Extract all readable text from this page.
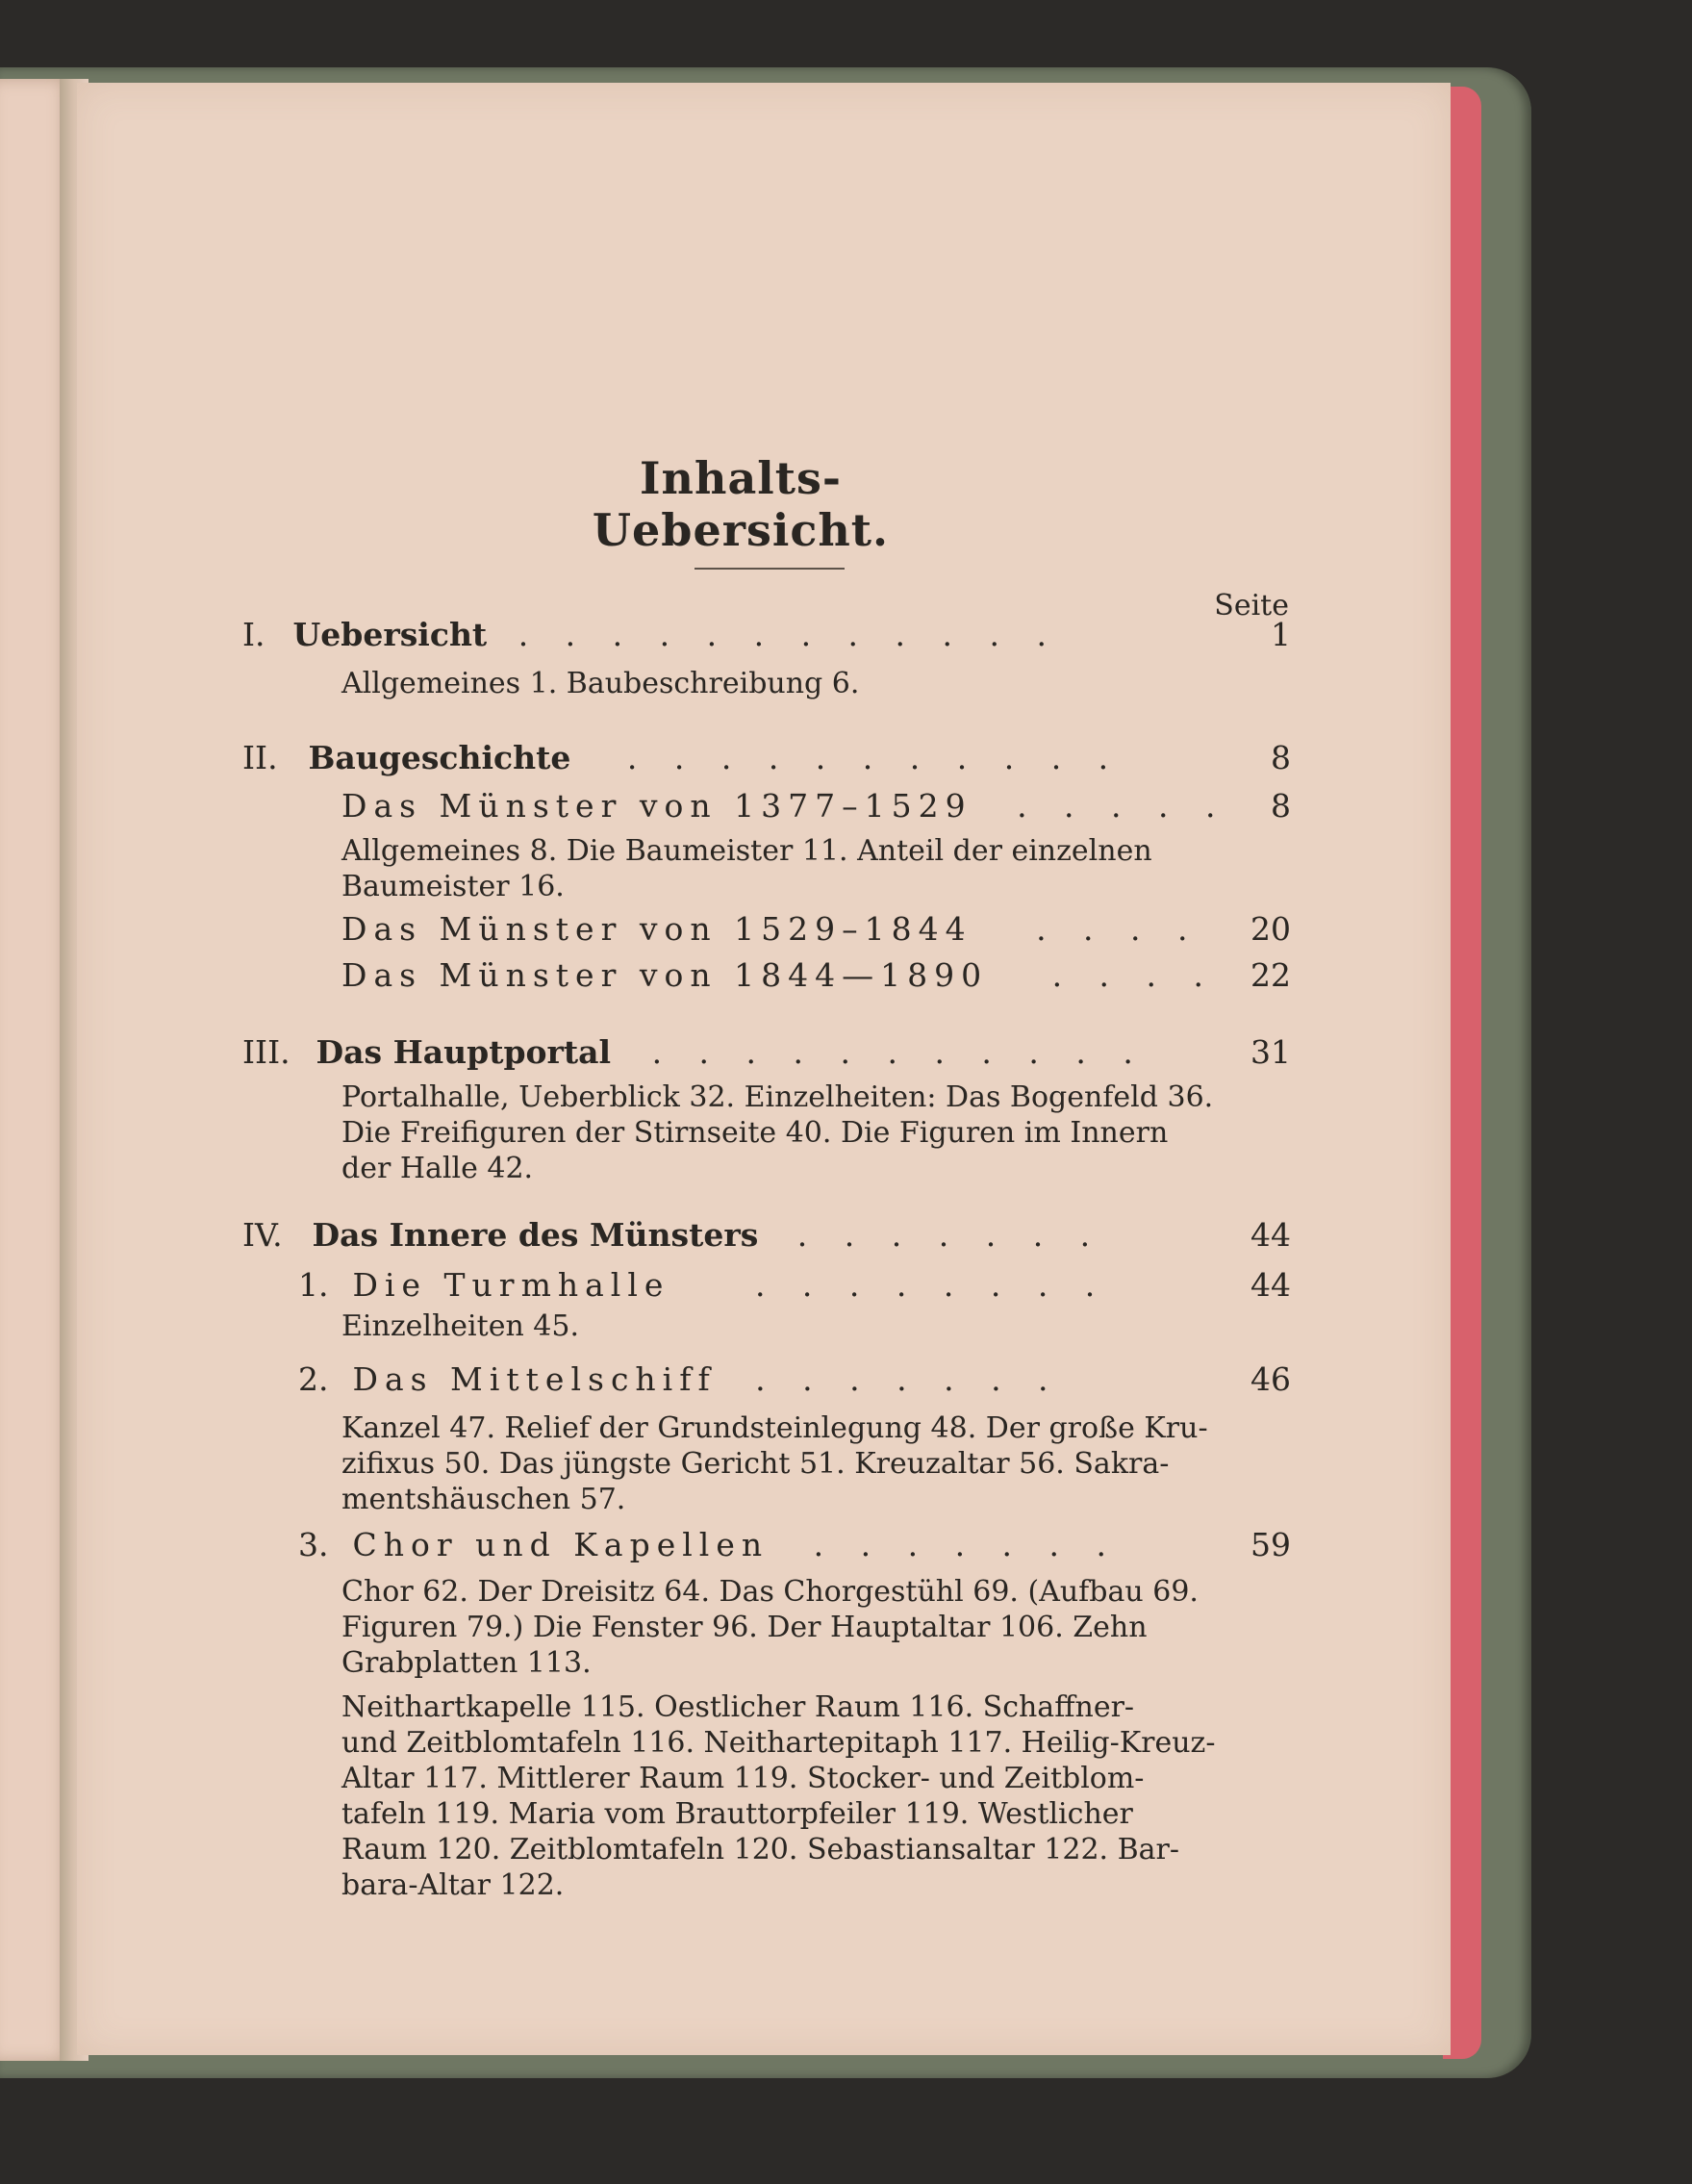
Inhalts-Uebersicht.
Seite
I. Uebersicht . . . . . . . . . . . .	1
Allgemeines 1. Baubeschreibung 6.
II. Baugeschichte . . . . . . . . . . .	8
Das Münster von 1377–1529 . . . . .	8
Allgemeines 8. Die Baumeister 11. Anteil der einzelnen
Baumeister 16.
Das Münster von 1529–1844 . . . .	20
Das Münster von 1844—1890 . . . .	22
III. Das Hauptportal . . . . . . . . . . .	31
Portalhalle, Ueberblick 32. Einzelheiten: Das Bogenfeld 36.
Die Freifiguren der Stirnseite 40. Die Figuren im Innern
der Halle 42.
IV. Das Innere des Münsters . . . . . . .	44
1. Die Turmhalle	. . . . . . . .	44
Einzelheiten 45.
2. Das Mittelschiff . . . . . . .	46
Kanzel 47. Relief der Grundsteinlegung 48. Der große Kru-
zifixus 50. Das jüngste Gericht 51. Kreuzaltar 56. Sakra-
mentshäuschen 57.
3. Chor und Kapellen . . . . . . .	59
Chor 62. Der Dreisitz 64. Das Chorgestühl 69. (Aufbau 69.
Figuren 79.) Die Fenster 96. Der Hauptaltar 106. Zehn
Grabplatten 113.
Neithartkapelle 115. Oestlicher Raum 116. Schaffner-
und Zeitblomtafeln 116. Neithartepitaph 117. Heilig-Kreuz-
Altar 117. Mittlerer Raum 119. Stocker- und Zeitblom-
tafeln 119. Maria vom Brauttorpfeiler 119. Westlicher
Raum 120. Zeitblomtafeln 120. Sebastiansaltar 122. Bar-
bara-Altar 122.
